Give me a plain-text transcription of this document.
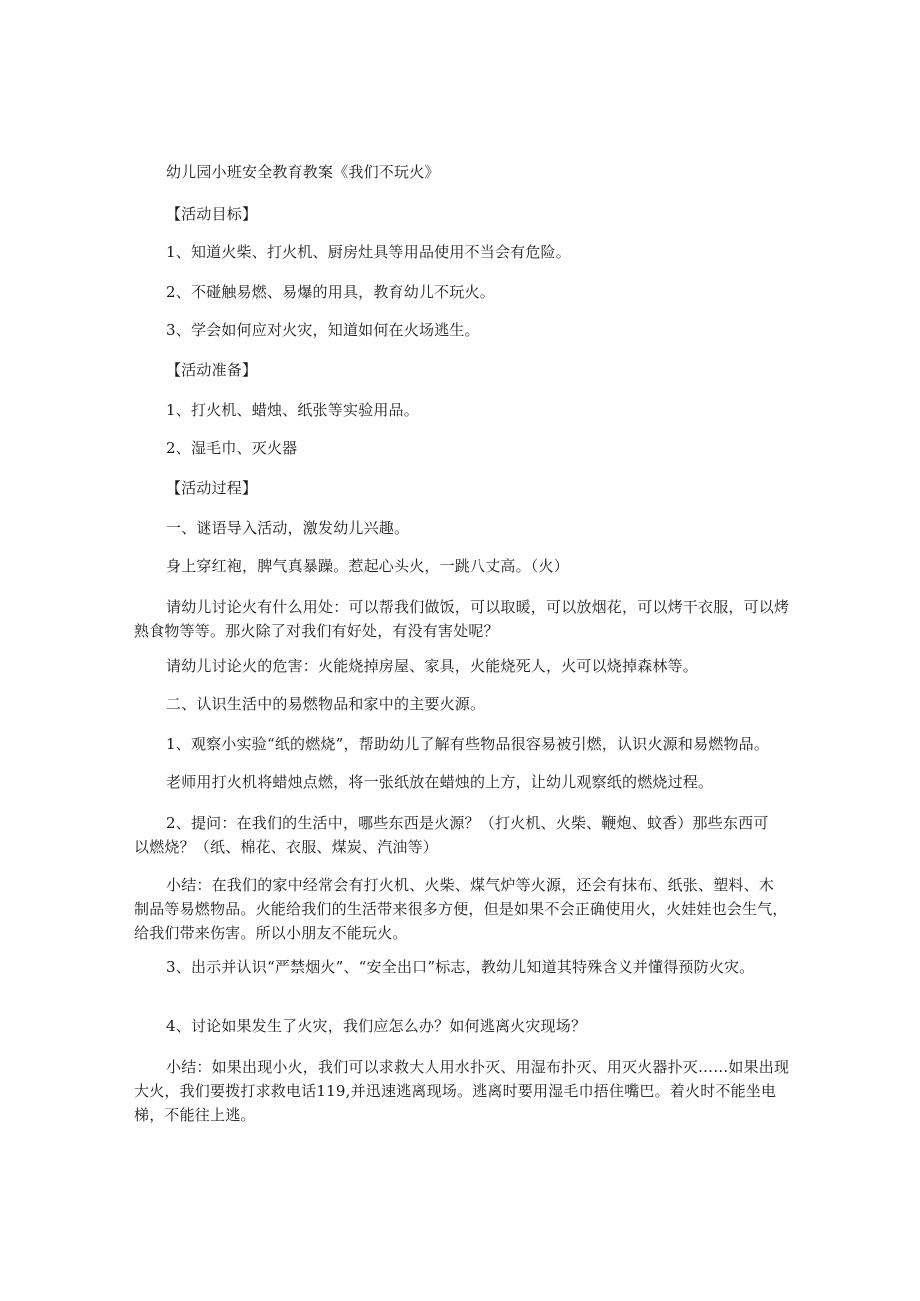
幼儿园小班安全教育教案《我们不玩火》
【活动目标】
1、知道火柴、打火机、厨房灶具等用品使用不当会有危险。
2、不碰触易燃、易爆的用具，教育幼儿不玩火。
3、学会如何应对火灾，知道如何在火场逃生。
【活动准备】
1、打火机、蜡烛、纸张等实验用品。
2、湿毛巾、灭火器
【活动过程】
一、谜语导入活动，激发幼儿兴趣。
身上穿红袍，脾气真暴躁。惹起心头火，一跳八丈高。（火）
请幼儿讨论火有什么用处：可以帮我们做饭，可以取暖，可以放烟花，可以烤干衣服，可以烤熟食物等等。那火除了对我们有好处，有没有害处呢？
请幼儿讨论火的危害：火能烧掉房屋、家具，火能烧死人，火可以烧掉森林等。
二、认识生活中的易燃物品和家中的主要火源。
1、观察小实验“纸的燃烧”，帮助幼儿了解有些物品很容易被引燃，认识火源和易燃物品。
老师用打火机将蜡烛点燃，将一张纸放在蜡烛的上方，让幼儿观察纸的燃烧过程。
2、提问：在我们的生活中，哪些东西是火源？（打火机、火柴、鞭炮、蚊香）那些东西可以燃烧？（纸、棉花、衣服、煤炭、汽油等）
小结：在我们的家中经常会有打火机、火柴、煤气炉等火源，还会有抹布、纸张、塑料、木制品等易燃物品。火能给我们的生活带来很多方便，但是如果不会正确使用火，火娃娃也会生气，给我们带来伤害。所以小朋友不能玩火。
3、出示并认识“严禁烟火”、“安全出口”标志，教幼儿知道其特殊含义并懂得预防火灾。
4、讨论如果发生了火灾，我们应怎么办？如何逃离火灾现场？
小结：如果出现小火，我们可以求救大人用水扑灭、用湿布扑灭、用灭火器扑灭……如果出现大火，我们要拨打求救电话119,并迅速逃离现场。逃离时要用湿毛巾捂住嘴巴。着火时不能坐电梯，不能往上逃。
